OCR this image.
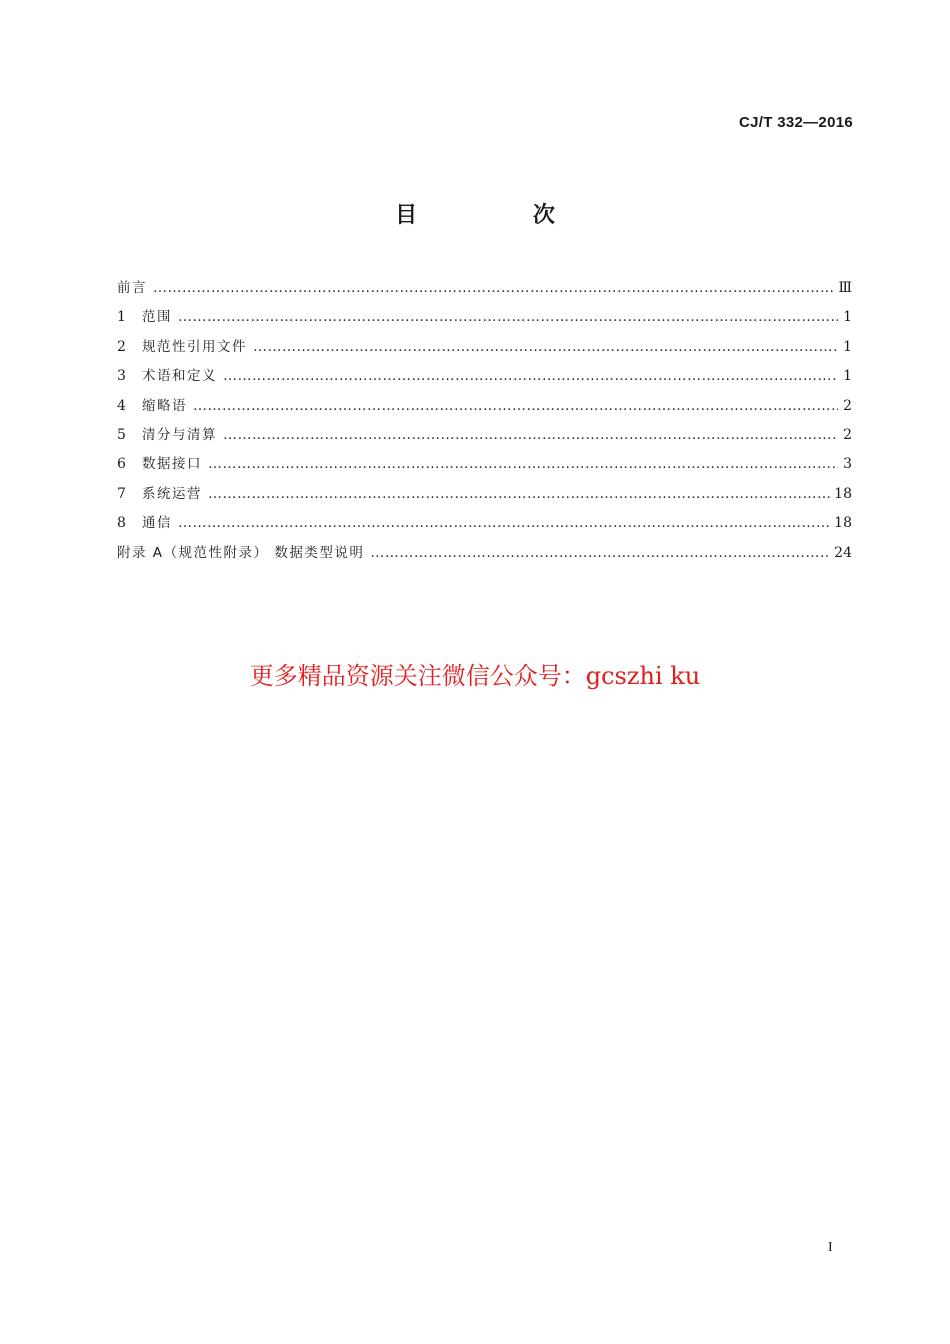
CJ/T 332—2016
目 次
前言 …………………………………………………………………………………………………………………………………………………………………………………………………………	Ⅲ
1	范围 …………………………………………………………………………………………………………………………………………………………………………………………………………	1
2	规范性引用文件 …………………………………………………………………………………………………………………………………………………………………………………………………………	1
3	术语和定义 …………………………………………………………………………………………………………………………………………………………………………………………………………	1
4	缩略语 …………………………………………………………………………………………………………………………………………………………………………………………………………	2
5	清分与清算 …………………………………………………………………………………………………………………………………………………………………………………………………………	2
6	数据接口 …………………………………………………………………………………………………………………………………………………………………………………………………………	3
7	系统运营 …………………………………………………………………………………………………………………………………………………………………………………………………………	18
8	通信 …………………………………………………………………………………………………………………………………………………………………………………………………………	18
附录 A（规范性附录） 数据类型说明 …………………………………………………………………………………………………………………………………………………………………………………………………………	24
更多精品资源关注微信公众号：gcszhi ku
I
